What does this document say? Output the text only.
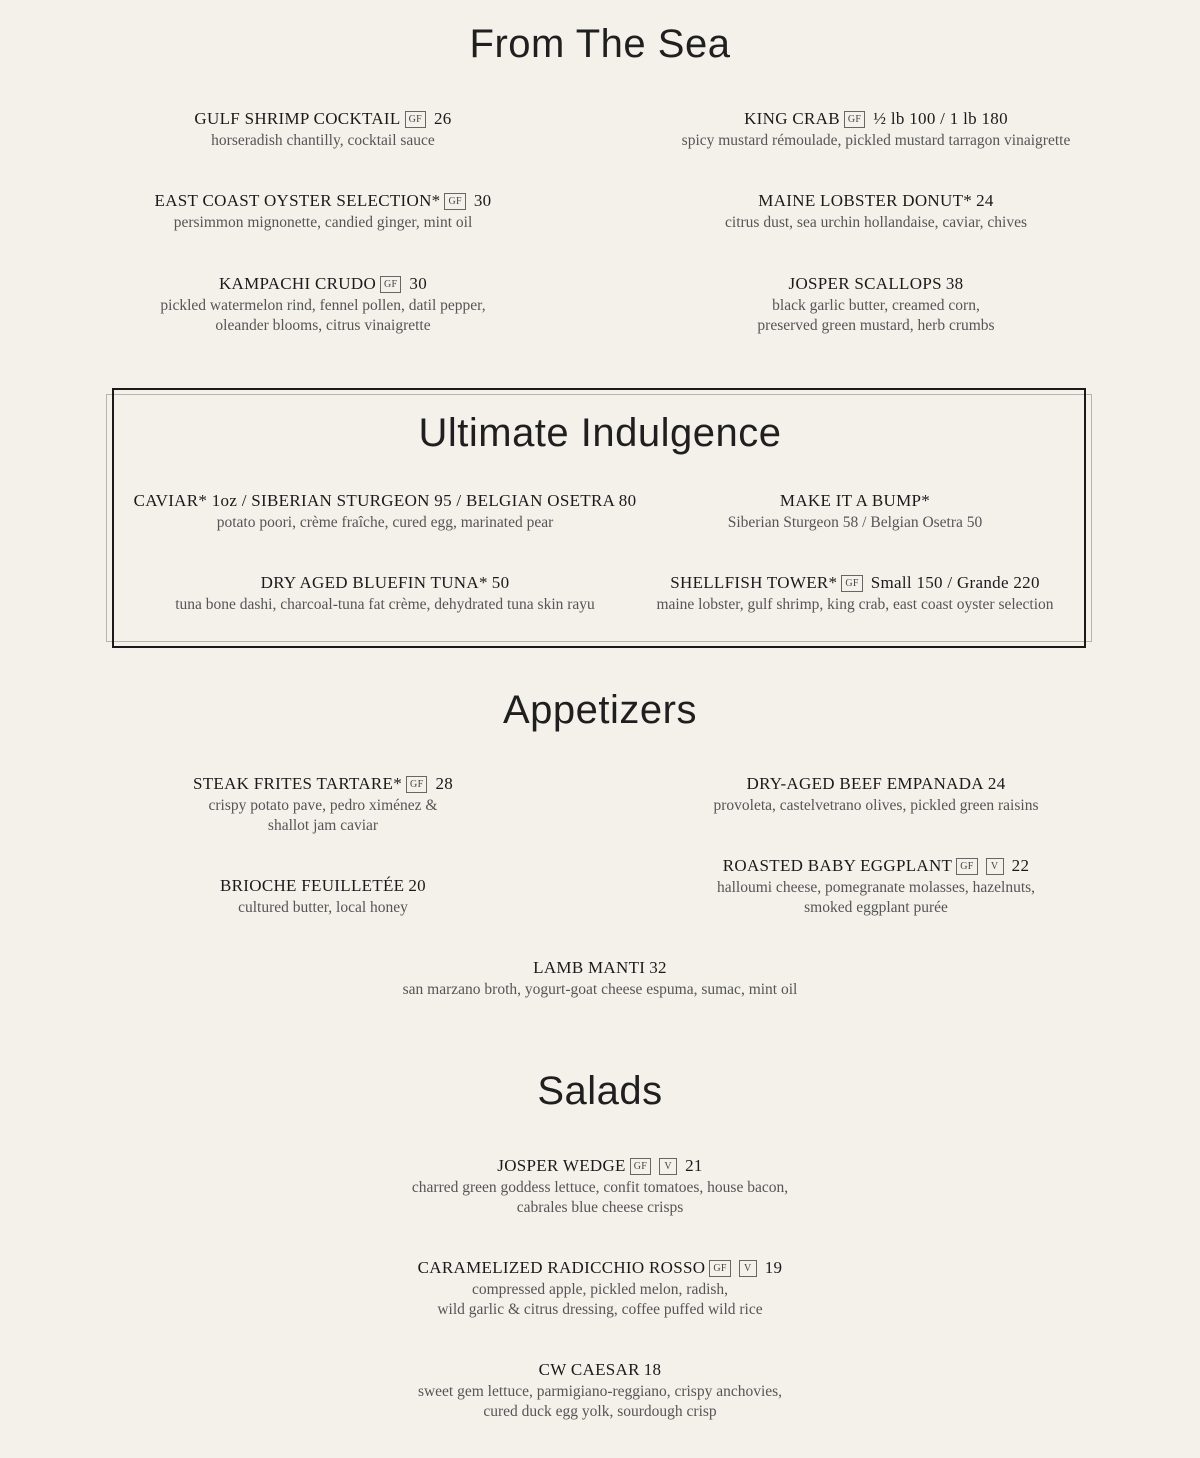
From The Sea
GULF SHRIMP COCKTAIL GF 26
horseradish chantilly, cocktail sauce
KING CRAB GF ½ lb 100 / 1 lb 180
spicy mustard rémoulade, pickled mustard tarragon vinaigrette
EAST COAST OYSTER SELECTION* GF 30
persimmon mignonette, candied ginger, mint oil
MAINE LOBSTER DONUT* 24
citrus dust, sea urchin hollandaise, caviar, chives
KAMPACHI CRUDO GF 30
pickled watermelon rind, fennel pollen, datil pepper,
oleander blooms, citrus vinaigrette
JOSPER SCALLOPS 38
black garlic butter, creamed corn,
preserved green mustard, herb crumbs
Ultimate Indulgence
CAVIAR* 1oz / SIBERIAN STURGEON 95 / BELGIAN OSETRA 80
potato poori, crème fraîche, cured egg, marinated pear
MAKE IT A BUMP*
Siberian Sturgeon 58 / Belgian Osetra 50
DRY AGED BLUEFIN TUNA* 50
tuna bone dashi, charcoal-tuna fat crème, dehydrated tuna skin rayu
SHELLFISH TOWER* GF Small 150 / Grande 220
maine lobster, gulf shrimp, king crab, east coast oyster selection
Appetizers
STEAK FRITES TARTARE* GF 28
crispy potato pave, pedro ximénez &
shallot jam caviar
DRY-AGED BEEF EMPANADA 24
provoleta, castelvetrano olives, pickled green raisins
BRIOCHE FEUILLETÉE 20
cultured butter, local honey
ROASTED BABY EGGPLANT GF V 22
halloumi cheese, pomegranate molasses, hazelnuts,
smoked eggplant purée
LAMB MANTI 32
san marzano broth, yogurt-goat cheese espuma, sumac, mint oil
Salads
JOSPER WEDGE GF V 21
charred green goddess lettuce, confit tomatoes, house bacon,
cabrales blue cheese crisps
CARAMELIZED RADICCHIO ROSSO GF V 19
compressed apple, pickled melon, radish,
wild garlic & citrus dressing, coffee puffed wild rice
CW CAESAR 18
sweet gem lettuce, parmigiano-reggiano, crispy anchovies,
cured duck egg yolk, sourdough crisp
